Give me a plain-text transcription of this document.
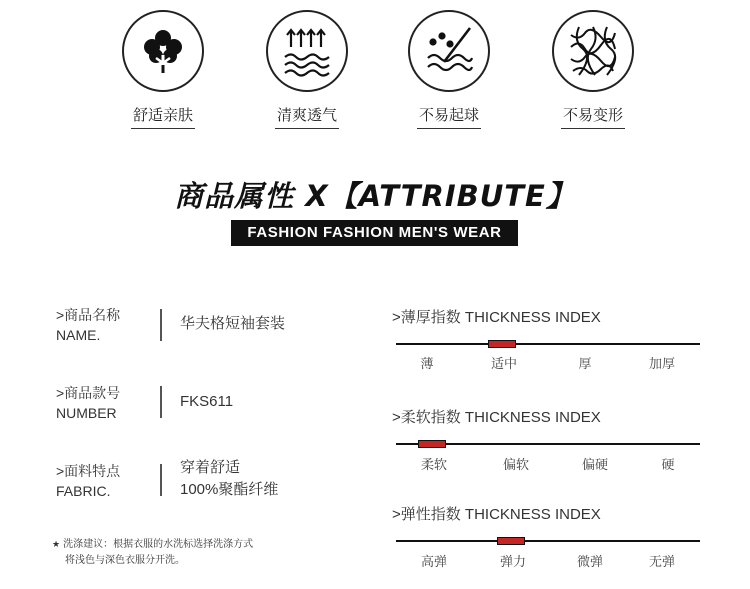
舒适亲肤	清爽透气	不易起球	不易变形
商品属性 X【ATTRIBUTE】
FASHION FASHION MEN'S WEAR
>商品名称
NAME.
华夫格短袖套装
>商品款号
NUMBER
FKS611
>面料特点
FABRIC.
穿着舒适
100%聚酯纤维
★ 洗涤建议：根据衣服的水洗标选择洗涤方式
将浅色与深色衣服分开洗。
>薄厚指数 THICKNESS INDEX
薄	适中	厚	加厚
>柔软指数 THICKNESS INDEX
柔软	偏软	偏硬	硬
>弹性指数 THICKNESS INDEX
高弹	弹力	微弹	无弹
